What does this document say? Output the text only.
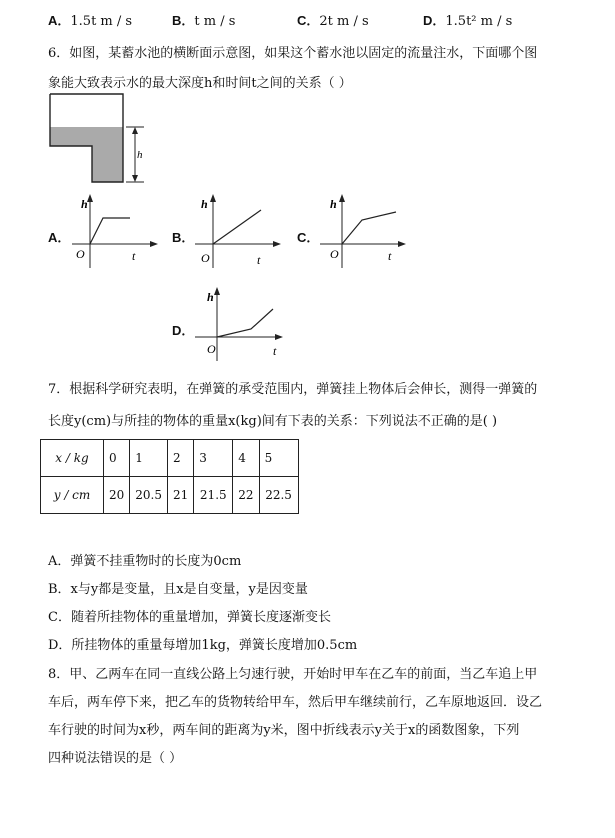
A．1.5t m / s	B．t m / s	C．2t m / s	D．1.5t² m / s
6．如图，某蓄水池的横断面示意图，如果这个蓄水池以固定的流量注水，下面哪个图
象能大致表示水的最大深度h和时间t之间的关系（ ）
h
A．
h
O	t
B．
h
O	t
C．
h
O	t
D．
h
O	t
7．根据科学研究表明，在弹簧的承受范围内，弹簧挂上物体后会伸长，测得一弹簧的
长度y(cm)与所挂的物体的重量x(kg)间有下表的关系：下列说法不正确的是( )
x / kg	0	1	2	3	4	5
y / cm	20	20.5	21	21.5	22	22.5
A．弹簧不挂重物时的长度为0cm
B．x与y都是变量，且x是自变量，y是因变量
C．随着所挂物体的重量增加，弹簧长度逐渐变长
D．所挂物体的重量每增加1kg，弹簧长度增加0.5cm
8．甲、乙两车在同一直线公路上匀速行驶，开始时甲车在乙车的前面，当乙车追上甲
车后，两车停下来，把乙车的货物转给甲车，然后甲车继续前行，乙车原地返回．设乙
车行驶的时间为x秒，两车间的距离为y米，图中折线表示y关于x的函数图象，下列
四种说法错误的是（ ）
